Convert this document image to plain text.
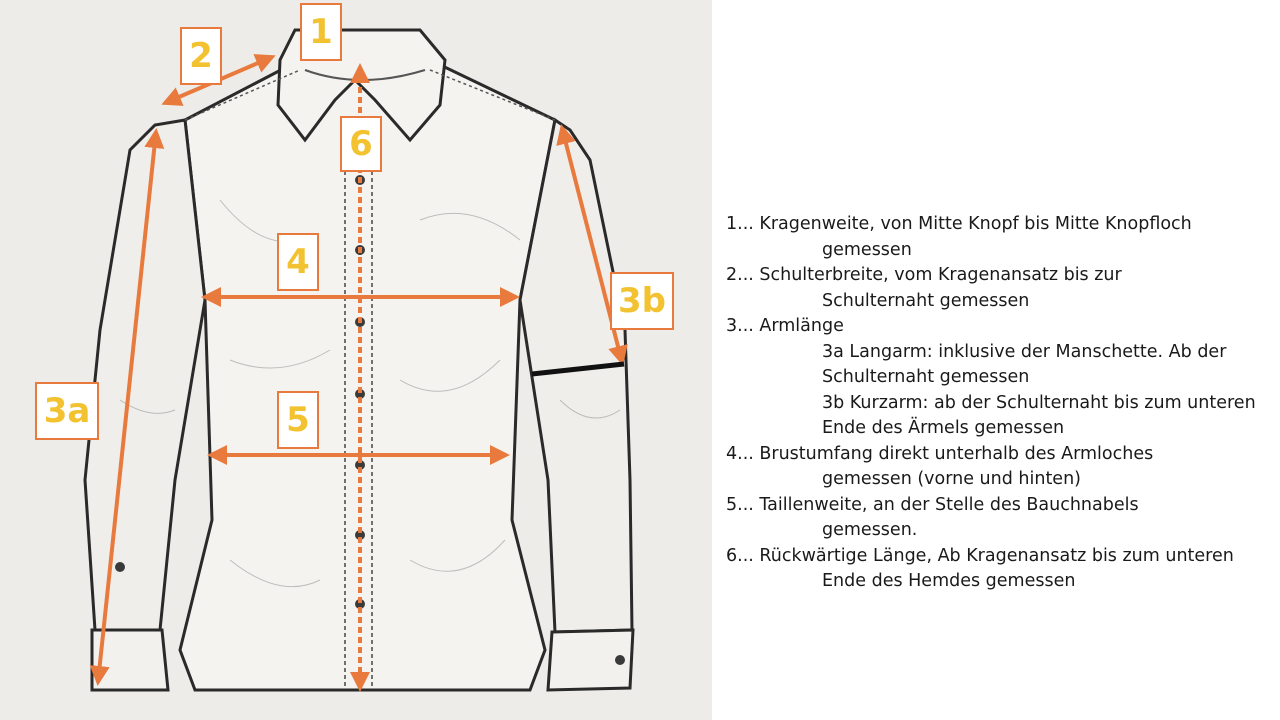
1
2
3a
3b
4
5
6
1... Kragenweite, von Mitte Knopf bis Mitte Knopfloch
gemessen
2... Schulterbreite, vom Kragenansatz bis zur
Schulternaht gemessen
3... Armlänge
3a Langarm: inklusive der Manschette. Ab der
Schulternaht gemessen
3b Kurzarm: ab der Schulternaht bis zum unteren
Ende des Ärmels gemessen
4... Brustumfang direkt unterhalb des Armloches
gemessen (vorne und hinten)
5... Taillenweite, an der Stelle des Bauchnabels
gemessen.
6... Rückwärtige Länge, Ab Kragenansatz bis zum unteren
Ende des Hemdes gemessen
